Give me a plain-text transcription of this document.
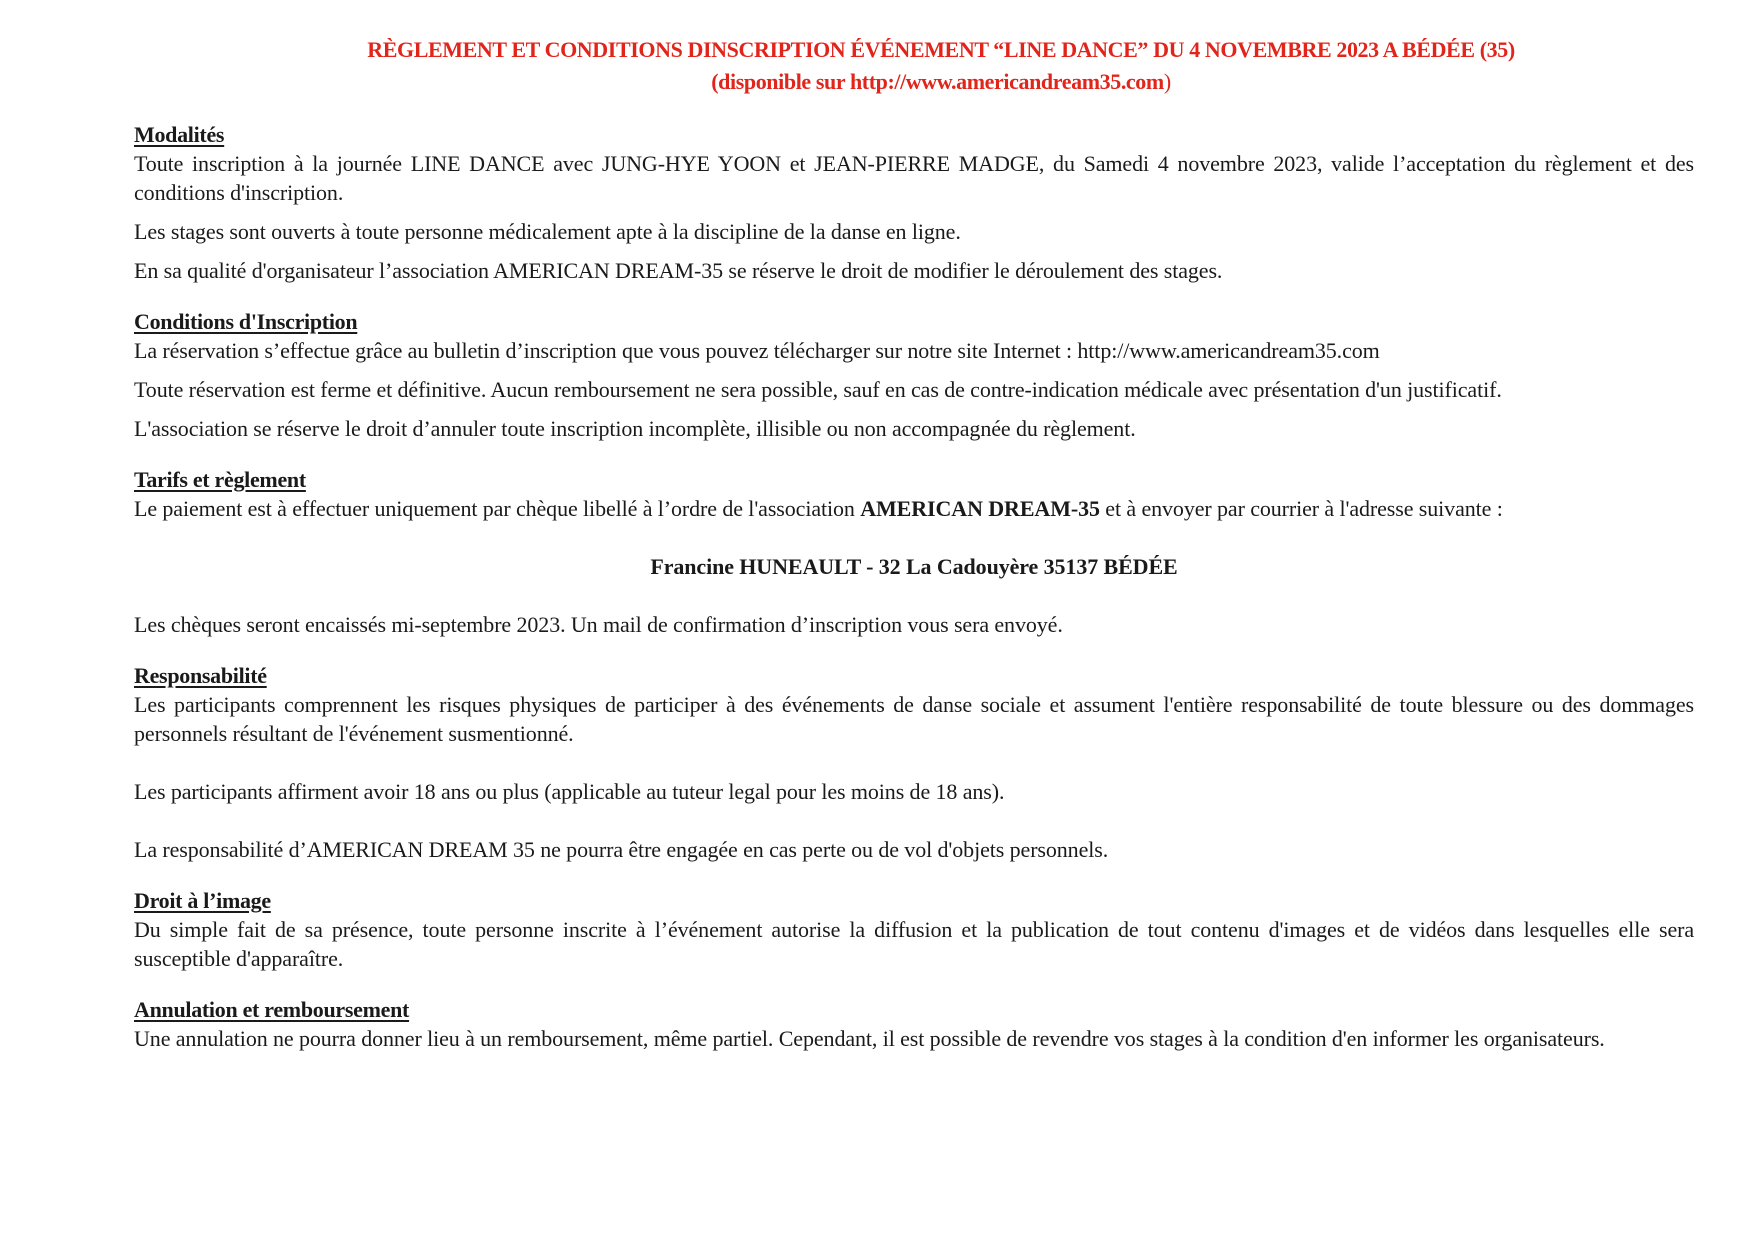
RÈGLEMENT ET CONDITIONS DINSCRIPTION ÉVÉNEMENT “LINE DANCE” DU 4 NOVEMBRE 2023 A BÉDÉE (35)
(disponible sur http://www.americandream35.com)
Modalités

Toute inscription à la journée LINE DANCE avec JUNG-HYE YOON et JEAN-PIERRE MADGE, du Samedi 4 novembre 2023, valide l’acceptation du règlement et des conditions d'inscription.

Les stages sont ouverts à toute personne médicalement apte à la discipline de la danse en ligne.

En sa qualité d'organisateur l’association AMERICAN DREAM-35 se réserve le droit de modifier le déroulement des stages.

Conditions d'Inscription

La réservation s’effectue grâce au bulletin d’inscription que vous pouvez télécharger sur notre site Internet : http://www.americandream35.com

Toute réservation est ferme et définitive. Aucun remboursement ne sera possible, sauf en cas de contre-indication médicale avec présentation d'un justificatif.

L'association se réserve le droit d’annuler toute inscription incomplète, illisible ou non accompagnée du règlement.

Tarifs et règlement

Le paiement est à effectuer uniquement par chèque libellé à l’ordre de l'association AMERICAN DREAM-35 et à envoyer par courrier à l'adresse suivante :

Francine HUNEAULT - 32 La Cadouyère 35137 BÉDÉE

Les chèques seront encaissés mi-septembre 2023. Un mail de confirmation d’inscription vous sera envoyé.

Responsabilité

Les participants comprennent les risques physiques de participer à des événements de danse sociale et assument l'entière responsabilité de toute blessure ou des dommages personnels résultant de l'événement susmentionné.

Les participants affirment avoir 18 ans ou plus (applicable au tuteur legal pour les moins de 18 ans).

La responsabilité d’AMERICAN DREAM 35 ne pourra être engagée en cas perte ou de vol d'objets personnels.

Droit à l’image

Du simple fait de sa présence, toute personne inscrite à l’événement autorise la diffusion et la publication de tout contenu d'images et de vidéos dans lesquelles elle sera susceptible d'apparaître.

Annulation et remboursement

Une annulation ne pourra donner lieu à un remboursement, même partiel. Cependant, il est possible de revendre vos stages à la condition d'en informer les organisateurs.
